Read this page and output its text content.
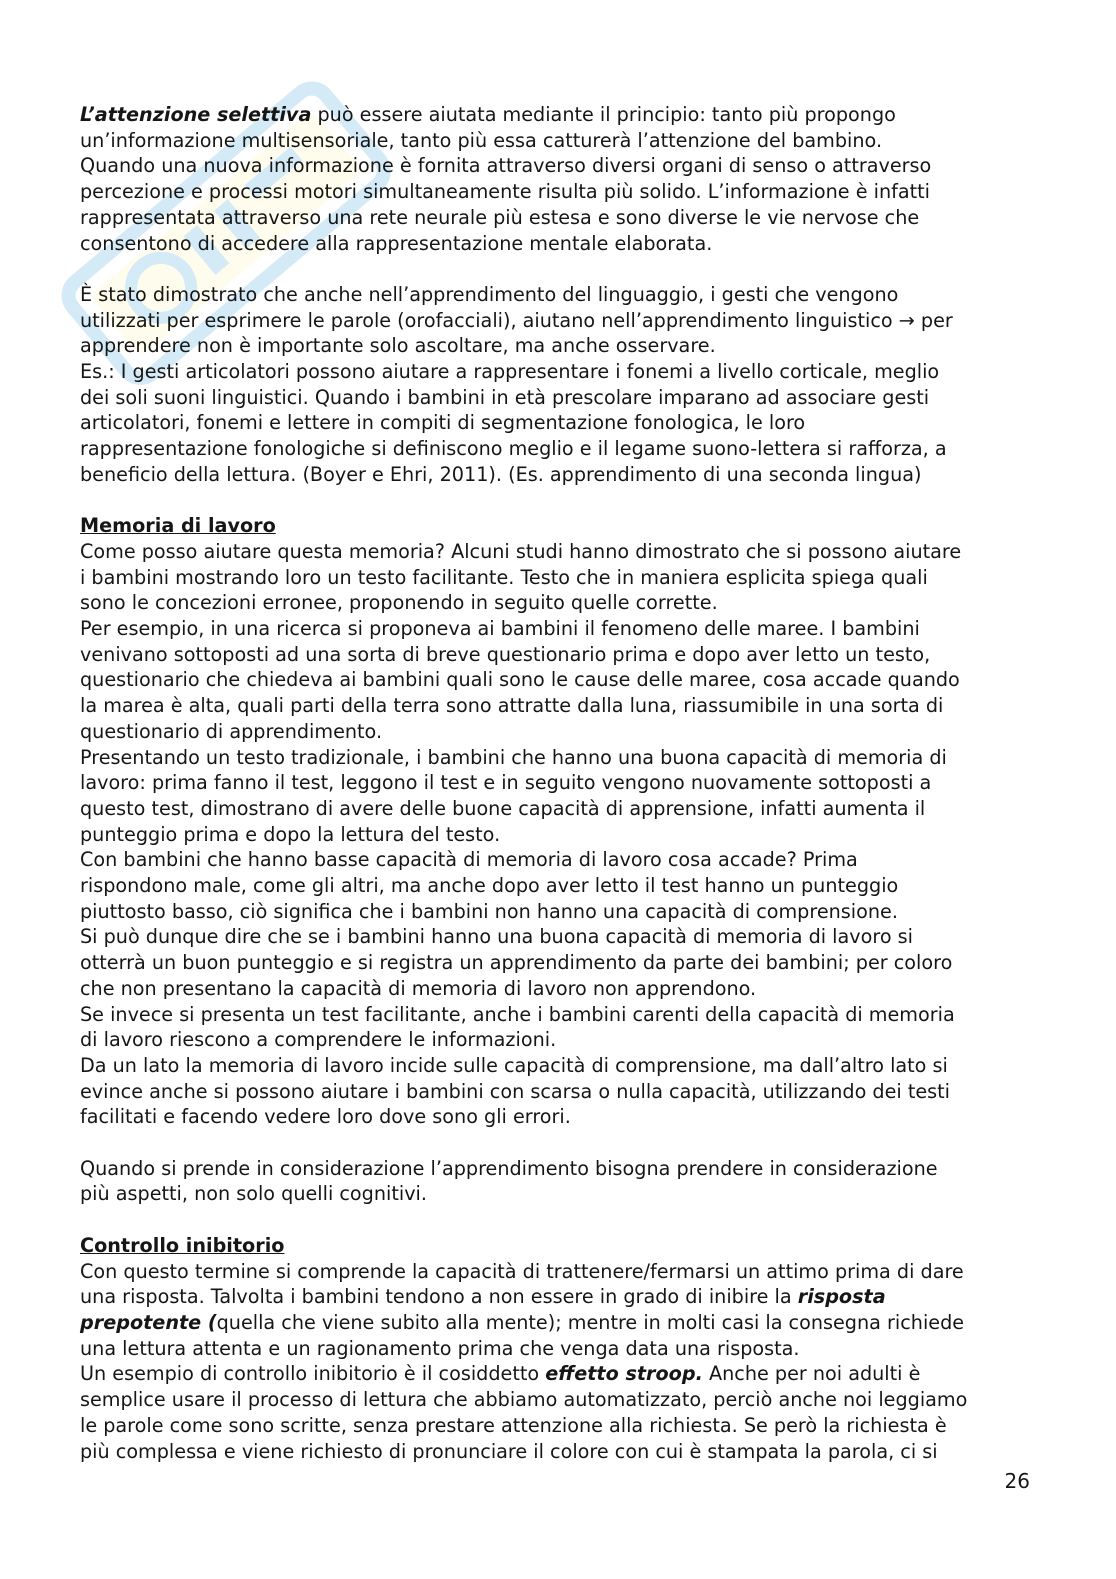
L’attenzione selettiva può essere aiutata mediante il principio: tanto più propongo
un’informazione multisensoriale, tanto più essa catturerà l’attenzione del bambino.
Quando una nuova informazione è fornita attraverso diversi organi di senso o attraverso
percezione e processi motori simultaneamente risulta più solido. L’informazione è infatti
rappresentata attraverso una rete neurale più estesa e sono diverse le vie nervose che
consentono di accedere alla rappresentazione mentale elaborata.

È stato dimostrato che anche nell’apprendimento del linguaggio, i gesti che vengono
utilizzati per esprimere le parole (orofacciali), aiutano nell’apprendimento linguistico → per
apprendere non è importante solo ascoltare, ma anche osservare.
Es.: I gesti articolatori possono aiutare a rappresentare i fonemi a livello corticale, meglio
dei soli suoni linguistici. Quando i bambini in età prescolare imparano ad associare gesti
articolatori, fonemi e lettere in compiti di segmentazione fonologica, le loro
rappresentazione fonologiche si definiscono meglio e il legame suono-lettera si rafforza, a
beneficio della lettura. (Boyer e Ehri, 2011). (Es. apprendimento di una seconda lingua)

Memoria di lavoro

Come posso aiutare questa memoria? Alcuni studi hanno dimostrato che si possono aiutare
i bambini mostrando loro un testo facilitante. Testo che in maniera esplicita spiega quali
sono le concezioni erronee, proponendo in seguito quelle corrette.
Per esempio, in una ricerca si proponeva ai bambini il fenomeno delle maree. I bambini
venivano sottoposti ad una sorta di breve questionario prima e dopo aver letto un testo,
questionario che chiedeva ai bambini quali sono le cause delle maree, cosa accade quando
la marea è alta, quali parti della terra sono attratte dalla luna, riassumibile in una sorta di
questionario di apprendimento.
Presentando un testo tradizionale, i bambini che hanno una buona capacità di memoria di
lavoro: prima fanno il test, leggono il test e in seguito vengono nuovamente sottoposti a
questo test, dimostrano di avere delle buone capacità di apprensione, infatti aumenta il
punteggio prima e dopo la lettura del testo.
Con bambini che hanno basse capacità di memoria di lavoro cosa accade? Prima
rispondono male, come gli altri, ma anche dopo aver letto il test hanno un punteggio
piuttosto basso, ciò significa che i bambini non hanno una capacità di comprensione.
Si può dunque dire che se i bambini hanno una buona capacità di memoria di lavoro si
otterrà un buon punteggio e si registra un apprendimento da parte dei bambini; per coloro
che non presentano la capacità di memoria di lavoro non apprendono.
Se invece si presenta un test facilitante, anche i bambini carenti della capacità di memoria
di lavoro riescono a comprendere le informazioni.
Da un lato la memoria di lavoro incide sulle capacità di comprensione, ma dall’altro lato si
evince anche si possono aiutare i bambini con scarsa o nulla capacità, utilizzando dei testi
facilitati e facendo vedere loro dove sono gli errori.

Quando si prende in considerazione l’apprendimento bisogna prendere in considerazione
più aspetti, non solo quelli cognitivi.

Controllo inibitorio

Con questo termine si comprende la capacità di trattenere/fermarsi un attimo prima di dare
una risposta. Talvolta i bambini tendono a non essere in grado di inibire la risposta
prepotente (quella che viene subito alla mente); mentre in molti casi la consegna richiede
una lettura attenta e un ragionamento prima che venga data una risposta.
Un esempio di controllo inibitorio è il cosiddetto effetto stroop. Anche per noi adulti è
semplice usare il processo di lettura che abbiamo automatizzato, perciò anche noi leggiamo
le parole come sono scritte, senza prestare attenzione alla richiesta. Se però la richiesta è
più complessa e viene richiesto di pronunciare il colore con cui è stampata la parola, ci si

26
